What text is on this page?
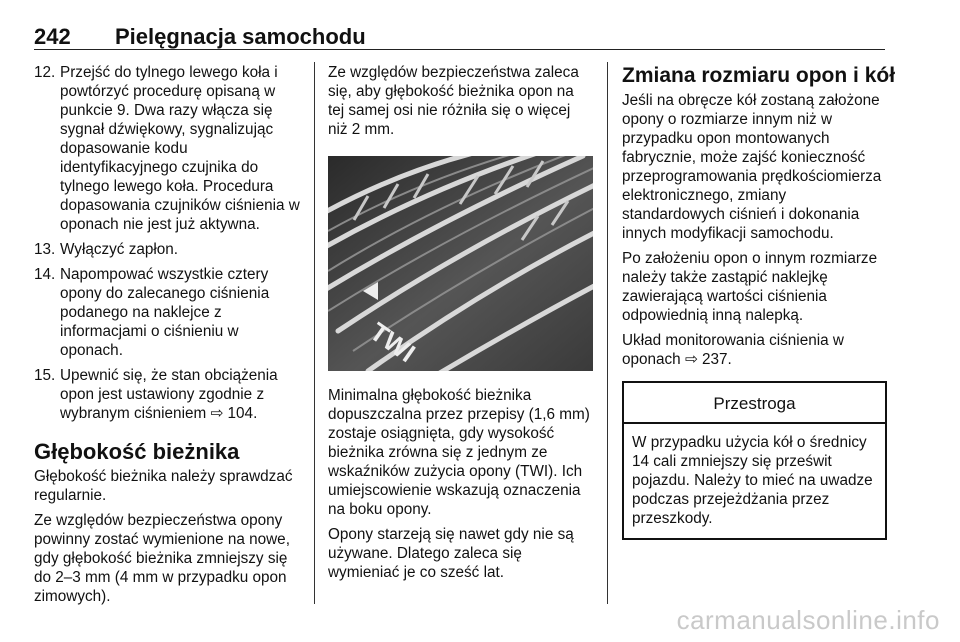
242 Pielęgnacja samochodu
12. Przejść do tylnego lewego koła i powtórzyć procedurę opisaną w punkcie 9. Dwa razy włącza się sygnał dźwiękowy, sygnalizując dopasowanie kodu identyfikacyjnego czujnika do tylnego lewego koła. Procedura dopasowania czujników ciśnienia w oponach nie jest już aktywna.
13. Wyłączyć zapłon.
14. Napompować wszystkie cztery opony do zalecanego ciśnienia podanego na naklejce z informacjami o ciśnieniu w oponach.
15. Upewnić się, że stan obciążenia opon jest ustawiony zgodnie z wybranym ciśnieniem ⇨ 104.
Głębokość bieżnika

Głębokość bieżnika należy sprawdzać regularnie.

Ze względów bezpieczeństwa opony powinny zostać wymienione na nowe, gdy głębokość bieżnika zmniejszy się do 2–3 mm (4 mm w przypadku opon zimowych).

Ze względów bezpieczeństwa zaleca się, aby głębokość bieżnika opon na tej samej osi nie różniła się o więcej niż 2 mm.

TWI

Minimalna głębokość bieżnika dopuszczalna przez przepisy (1,6 mm) zostaje osiągnięta, gdy wysokość bieżnika zrówna się z jednym ze wskaźników zużycia opony (TWI). Ich umiejscowienie wskazują oznaczenia na boku opony.

Opony starzeją się nawet gdy nie są używane. Dlatego zaleca się wymieniać je co sześć lat.

Zmiana rozmiaru opon i kół

Jeśli na obręcze kół zostaną założone opony o rozmiarze innym niż w przypadku opon montowanych fabrycznie, może zajść konieczność przeprogramowania prędkościomierza elektronicznego, zmiany standardowych ciśnień i dokonania innych modyfikacji samochodu.

Po założeniu opon o innym rozmiarze należy także zastąpić naklejkę zawierającą wartości ciśnienia odpowiednią inną nalepką.

Układ monitorowania ciśnienia w oponach ⇨ 237.

Przestroga
W przypadku użycia kół o średnicy 14 cali zmniejszy się prześwit pojazdu. Należy to mieć na uwadze podczas przejeżdżania przez przeszkody.
carmanualsonline.info
